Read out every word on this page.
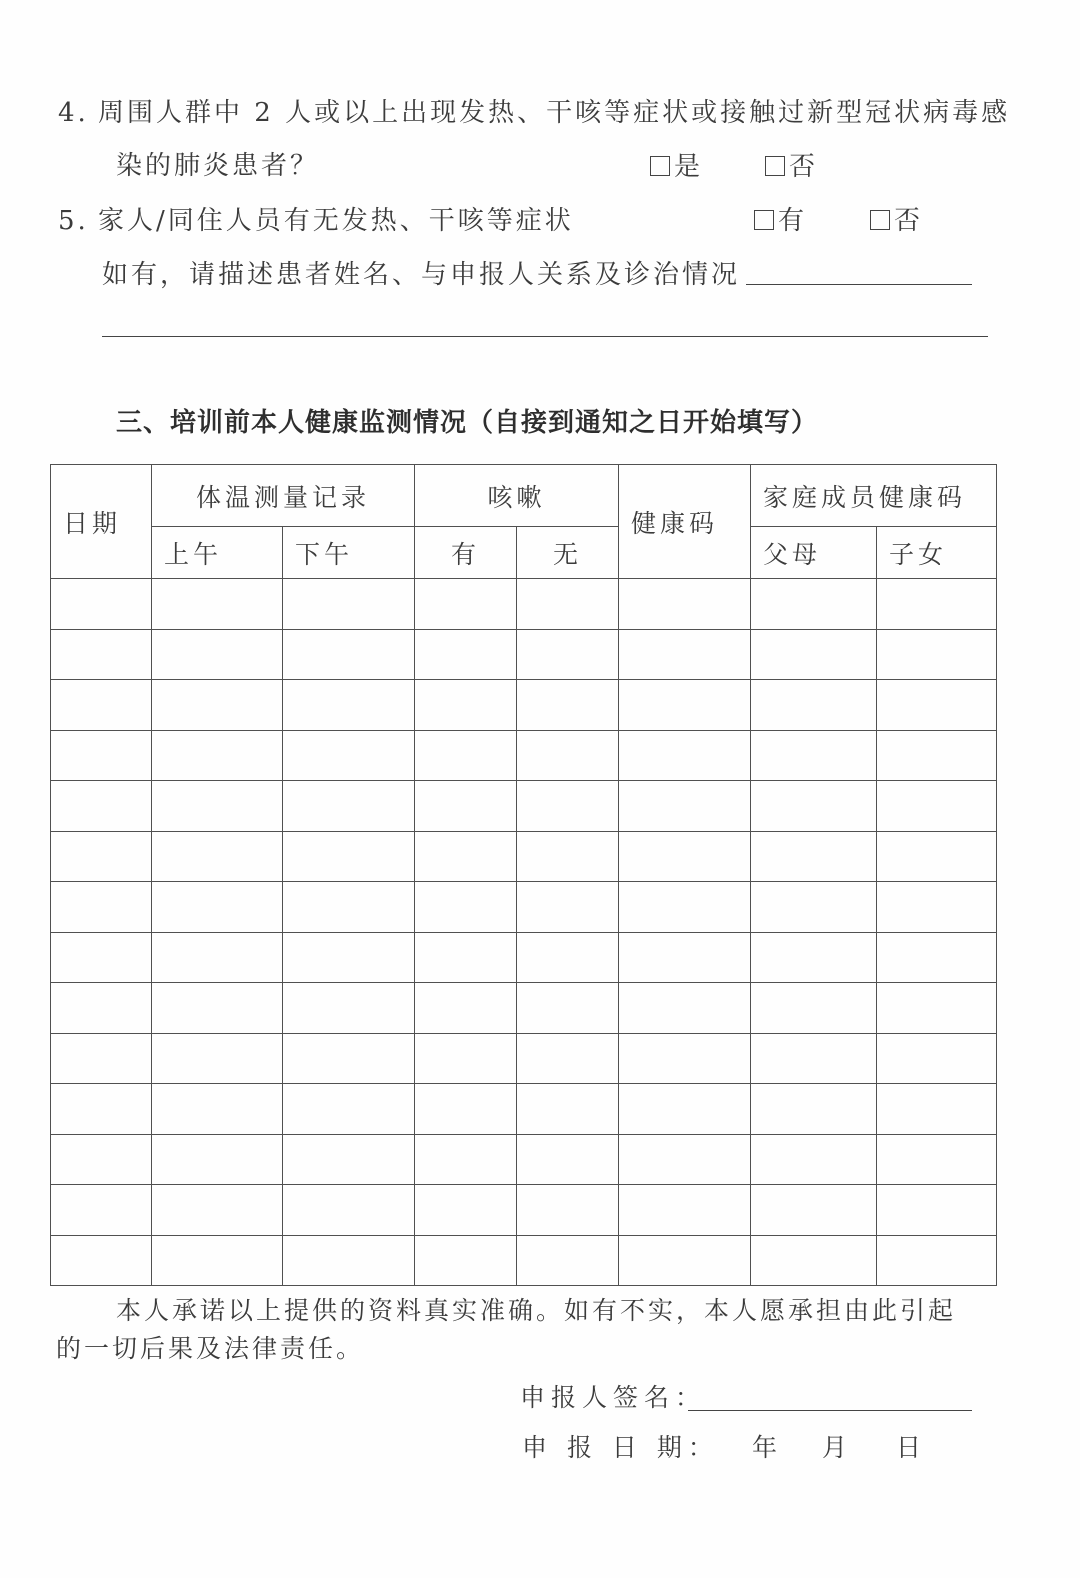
4. 周围人群中 2 人或以上出现发热、干咳等症状或接触过新型冠状病毒感
染的肺炎患者？	是	否
5. 家人/同住人员有无发热、干咳等症状	有	否
如有，请描述患者姓名、与申报人关系及诊治情况
三、培训前本人健康监测情况（自接到通知之日开始填写）
日期	体温测量记录		咳嗽		健康码	家庭成员健康码	
	上午	下午	有	无		父母	子女

本人承诺以上提供的资料真实准确。如有不实，本人愿承担由此引起的一切后果及法律责任。
申报人签名：
申 报 日 期： 年 月 日
